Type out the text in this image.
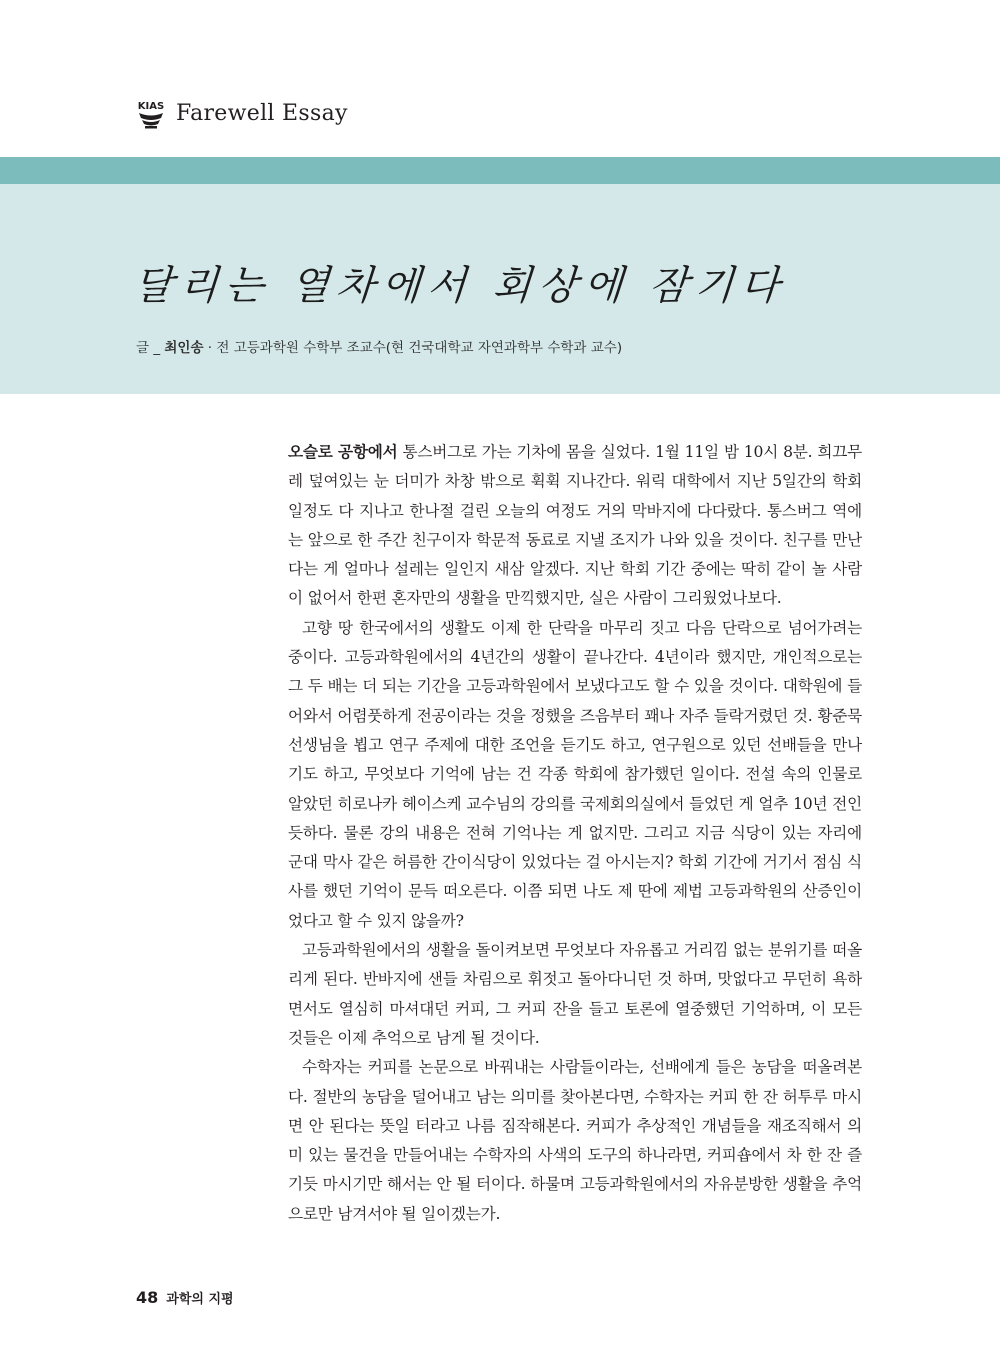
KIAS Farewell Essay
달리는 열차에서 회상에 잠기다
글 _ 최인송 · 전 고등과학원 수학부 조교수(현 건국대학교 자연과학부 수학과 교수)

오슬로 공항에서 통스버그로 가는 기차에 몸을 실었다. 1월 11일 밤 10시 8분. 희끄무레 덮여있는 눈 더미가 차창 밖으로 휙휙 지나간다. 워릭 대학에서 지난 5일간의 학회 일정도 다 지나고 한나절 걸린 오늘의 여정도 거의 막바지에 다다랐다. 통스버그 역에는 앞으로 한 주간 친구이자 학문적 동료로 지낼 조지가 나와 있을 것이다. 친구를 만난다는 게 얼마나 설레는 일인지 새삼 알겠다. 지난 학회 기간 중에는 딱히 같이 놀 사람이 없어서 한편 혼자만의 생활을 만끽했지만, 실은 사람이 그리웠었나보다.

고향 땅 한국에서의 생활도 이제 한 단락을 마무리 짓고 다음 단락으로 넘어가려는 중이다. 고등과학원에서의 4년간의 생활이 끝나간다. 4년이라 했지만, 개인적으로는 그 두 배는 더 되는 기간을 고등과학원에서 보냈다고도 할 수 있을 것이다. 대학원에 들어와서 어렴풋하게 전공이라는 것을 정했을 즈음부터 꽤나 자주 들락거렸던 것. 황준묵 선생님을 뵙고 연구 주제에 대한 조언을 듣기도 하고, 연구원으로 있던 선배들을 만나기도 하고, 무엇보다 기억에 남는 건 각종 학회에 참가했던 일이다. 전설 속의 인물로 알았던 히로나카 헤이스케 교수님의 강의를 국제회의실에서 들었던 게 얼추 10년 전인 듯하다. 물론 강의 내용은 전혀 기억나는 게 없지만. 그리고 지금 식당이 있는 자리에 군대 막사 같은 허름한 간이식당이 있었다는 걸 아시는지? 학회 기간에 거기서 점심 식사를 했던 기억이 문득 떠오른다. 이쯤 되면 나도 제 딴에 제법 고등과학원의 산증인이었다고 할 수 있지 않을까?

고등과학원에서의 생활을 돌이켜보면 무엇보다 자유롭고 거리낌 없는 분위기를 떠올리게 된다. 반바지에 샌들 차림으로 휘젓고 돌아다니던 것 하며, 맛없다고 무던히 욕하면서도 열심히 마셔대던 커피, 그 커피 잔을 들고 토론에 열중했던 기억하며, 이 모든 것들은 이제 추억으로 남게 될 것이다.

수학자는 커피를 논문으로 바꿔내는 사람들이라는, 선배에게 들은 농담을 떠올려본다. 절반의 농담을 덜어내고 남는 의미를 찾아본다면, 수학자는 커피 한 잔 허투루 마시면 안 된다는 뜻일 터라고 나름 짐작해본다. 커피가 추상적인 개념들을 재조직해서 의미 있는 물건을 만들어내는 수학자의 사색의 도구의 하나라면, 커피숍에서 차 한 잔 즐기듯 마시기만 해서는 안 될 터이다. 하물며 고등과학원에서의 자유분방한 생활을 추억으로만 남겨서야 될 일이겠는가.

48 과학의 지평
